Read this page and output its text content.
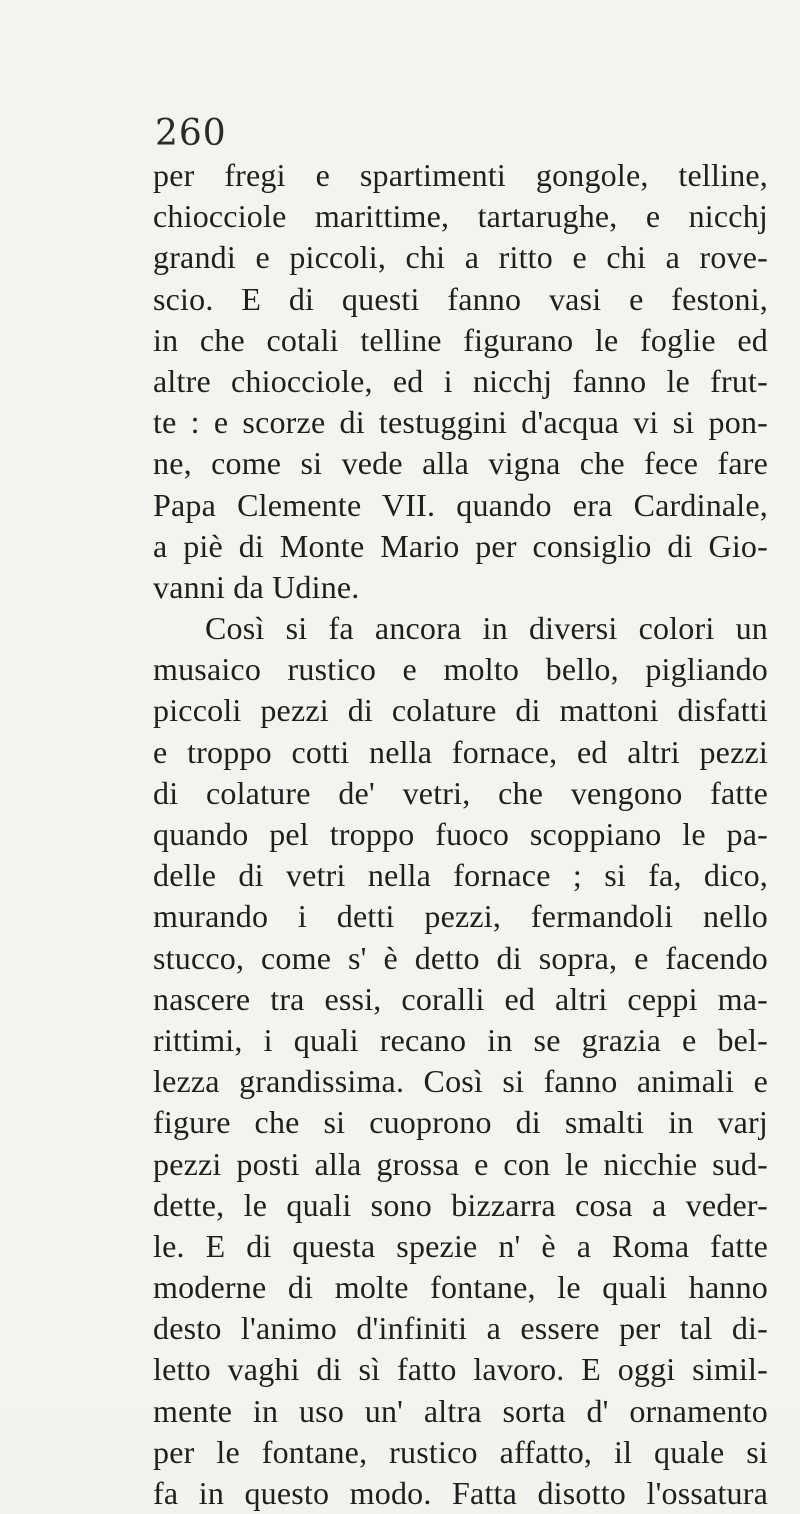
260
per fregi e spartimenti gongole, telline,
chiocciole marittime, tartarughe, e nicchj
grandi e piccoli, chi a ritto e chi a rove-
scio. E di questi fanno vasi e festoni,
in che cotali telline figurano le foglie ed
altre chiocciole, ed i nicchj fanno le frut-
te : e scorze di testuggini d'acqua vi si pon-
ne, come si vede alla vigna che fece fare
Papa Clemente VII. quando era Cardinale,
a piè di Monte Mario per consiglio di Gio-
vanni da Udine.
Così si fa ancora in diversi colori un
musaico rustico e molto bello, pigliando
piccoli pezzi di colature di mattoni disfatti
e troppo cotti nella fornace, ed altri pezzi
di colature de' vetri, che vengono fatte
quando pel troppo fuoco scoppiano le pa-
delle di vetri nella fornace ; si fa, dico,
murando i detti pezzi, fermandoli nello
stucco, come s' è detto di sopra, e facendo
nascere tra essi, coralli ed altri ceppi ma-
rittimi, i quali recano in se grazia e bel-
lezza grandissima. Così si fanno animali e
figure che si cuoprono di smalti in varj
pezzi posti alla grossa e con le nicchie sud-
dette, le quali sono bizzarra cosa a veder-
le. E di questa spezie n' è a Roma fatte
moderne di molte fontane, le quali hanno
desto l'animo d'infiniti a essere per tal di-
letto vaghi di sì fatto lavoro. E oggi simil-
mente in uso un' altra sorta d' ornamento
per le fontane, rustico affatto, il quale si
fa in questo modo. Fatta disotto l'ossatura
